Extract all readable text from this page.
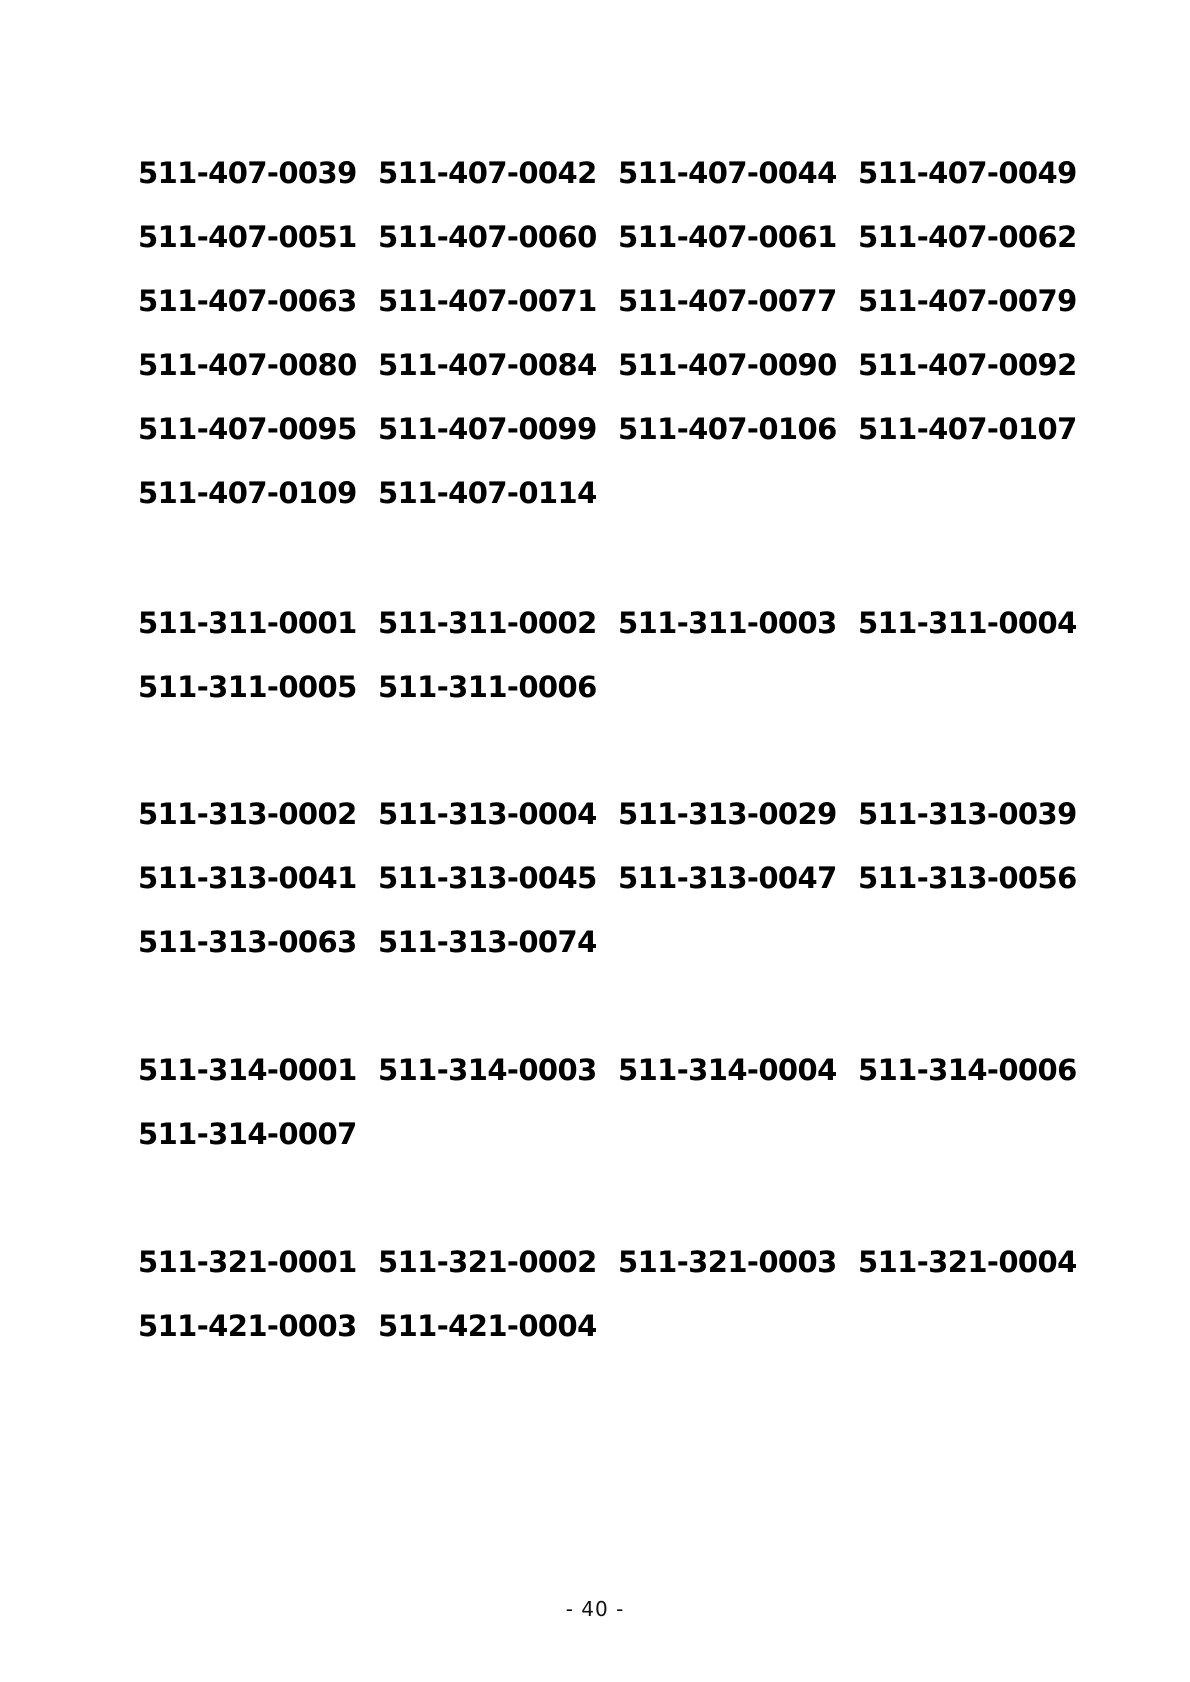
511-407-0039 511-407-0042 511-407-0044 511-407-0049
511-407-0051 511-407-0060 511-407-0061 511-407-0062
511-407-0063 511-407-0071 511-407-0077 511-407-0079
511-407-0080 511-407-0084 511-407-0090 511-407-0092
511-407-0095 511-407-0099 511-407-0106 511-407-0107
511-407-0109 511-407-0114
511-311-0001 511-311-0002 511-311-0003 511-311-0004
511-311-0005 511-311-0006
511-313-0002 511-313-0004 511-313-0029 511-313-0039
511-313-0041 511-313-0045 511-313-0047 511-313-0056
511-313-0063 511-313-0074
511-314-0001 511-314-0003 511-314-0004 511-314-0006
511-314-0007
511-321-0001 511-321-0002 511-321-0003 511-321-0004
511-421-0003 511-421-0004
- 40 -
